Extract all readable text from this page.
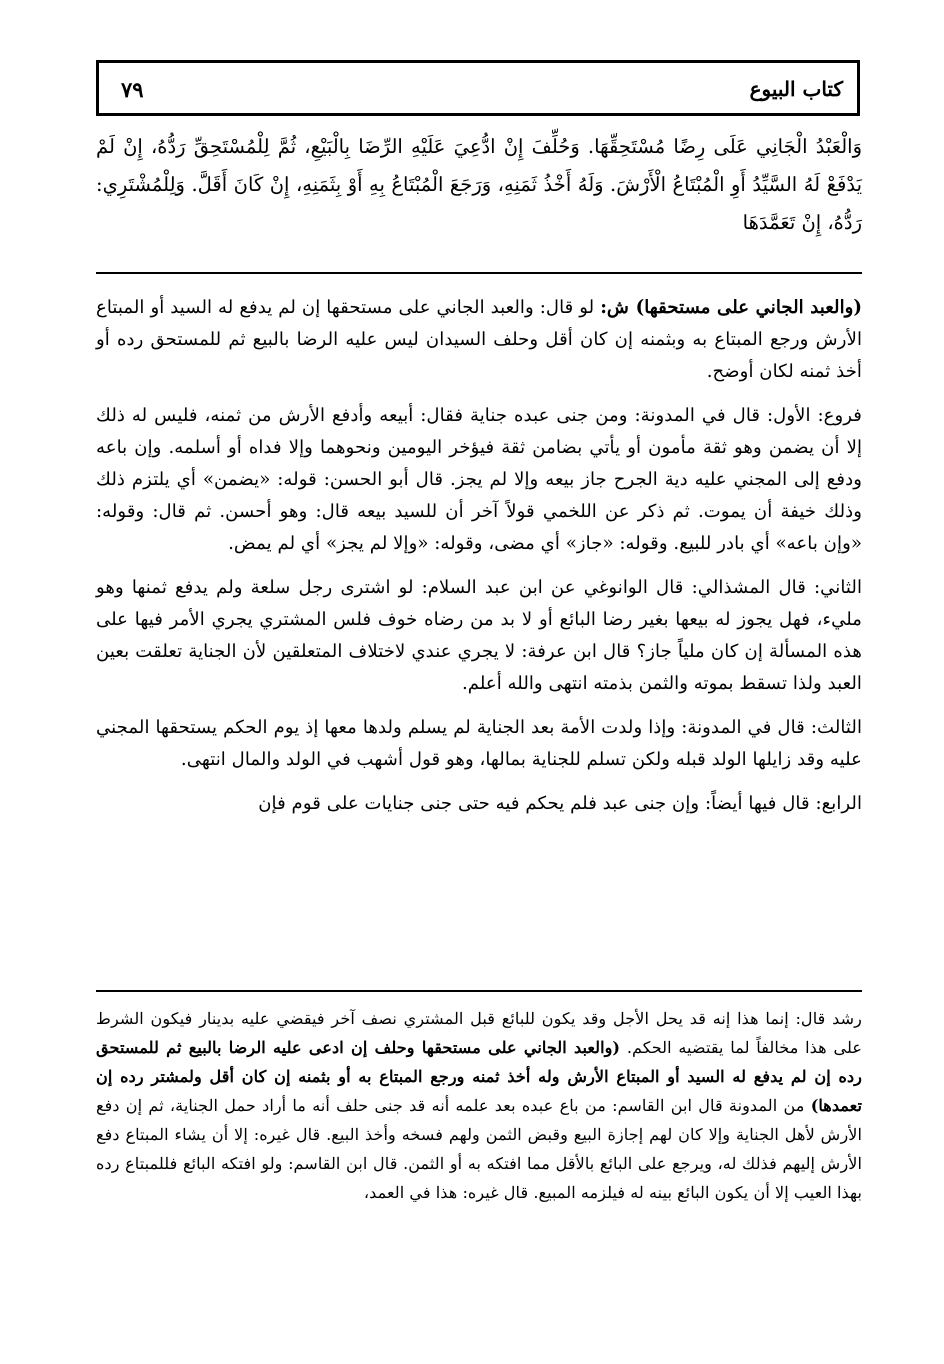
كتاب البيوع
٧٩
وَالْعَبْدُ الْجَانِي عَلَى رِضًا مُسْتَحِقِّهَا. وَحُلِّفَ إِنْ ادُّعِيَ عَلَيْهِ الرِّضَا بِالْبَيْعِ، ثُمَّ لِلْمُسْتَحِقِّ رَدُّهُ، إِنْ لَمْ يَدْفَعْ لَهُ السَّيِّدُ أَوِ الْمُبْتَاعُ الْأَرْشَ. وَلَهُ أَخْذُ ثَمَنِهِ، وَرَجَعَ الْمُبْتَاعُ بِهِ أَوْ بِثَمَنِهِ، إِنْ كَانَ أَقَلَّ. وَلِلْمُشْتَرِي: رَدُّهُ، إِنْ تَعَمَّدَهَا

(والعبد الجاني على مستحقها) ش: لو قال: والعبد الجاني على مستحقها إن لم يدفع له السيد أو المبتاع الأرش ورجع المبتاع به وبثمنه إن كان أقل وحلف السيدان ليس عليه الرضا بالبيع ثم للمستحق رده أو أخذ ثمنه لكان أوضح.

فروع: الأول: قال في المدونة: ومن جنى عبده جناية فقال: أبيعه وأدفع الأرش من ثمنه، فليس له ذلك إلا أن يضمن وهو ثقة مأمون أو يأتي بضامن ثقة فيؤخر اليومين ونحوهما وإلا فداه أو أسلمه. وإن باعه ودفع إلى المجني عليه دية الجرح جاز بيعه وإلا لم يجز. قال أبو الحسن: قوله: «يضمن» أي يلتزم ذلك وذلك خيفة أن يموت. ثم ذكر عن اللخمي قولاً آخر أن للسيد بيعه قال: وهو أحسن. ثم قال: وقوله: «وإن باعه» أي بادر للبيع. وقوله: «جاز» أي مضى، وقوله: «وإلا لم يجز» أي لم يمض.

الثاني: قال المشذالي: قال الوانوغي عن ابن عبد السلام: لو اشترى رجل سلعة ولم يدفع ثمنها وهو مليء، فهل يجوز له بيعها بغير رضا البائع أو لا بد من رضاه خوف فلس المشتري يجري الأمر فيها على هذه المسألة إن كان ملياً جاز؟ قال ابن عرفة: لا يجري عندي لاختلاف المتعلقين لأن الجناية تعلقت بعين العبد ولذا تسقط بموته والثمن بذمته انتهى والله أعلم.

الثالث: قال في المدونة: وإذا ولدت الأمة بعد الجناية لم يسلم ولدها معها إذ يوم الحكم يستحقها المجني عليه وقد زايلها الولد قبله ولكن تسلم للجناية بمالها، وهو قول أشهب في الولد والمال انتهى.

الرابع: قال فيها أيضاً: وإن جنى عبد فلم يحكم فيه حتى جنى جنايات على قوم فإن

رشد قال: إنما هذا إنه قد يحل الأجل وقد يكون للبائع قبل المشتري نصف آخر فيقضي عليه بدينار فيكون الشرط على هذا مخالفاً لما يقتضيه الحكم. (والعبد الجاني على مستحقها وحلف إن ادعى عليه الرضا بالبيع ثم للمستحق رده إن لم يدفع له السيد أو المبتاع الأرش وله أخذ ثمنه ورجع المبتاع به أو بثمنه إن كان أقل ولمشتر رده إن تعمدها) من المدونة قال ابن القاسم: من باع عبده بعد علمه أنه قد جنى حلف أنه ما أراد حمل الجناية، ثم إن دفع الأرش لأهل الجناية وإلا كان لهم إجازة البيع وقبض الثمن ولهم فسخه وأخذ البيع. قال غيره: إلا أن يشاء المبتاع دفع الأرش إليهم فذلك له، ويرجع على البائع بالأقل مما افتكه به أو الثمن. قال ابن القاسم: ولو افتكه البائع فللمبتاع رده بهذا العيب إلا أن يكون البائع بينه له فيلزمه المبيع. قال غيره: هذا في العمد،
